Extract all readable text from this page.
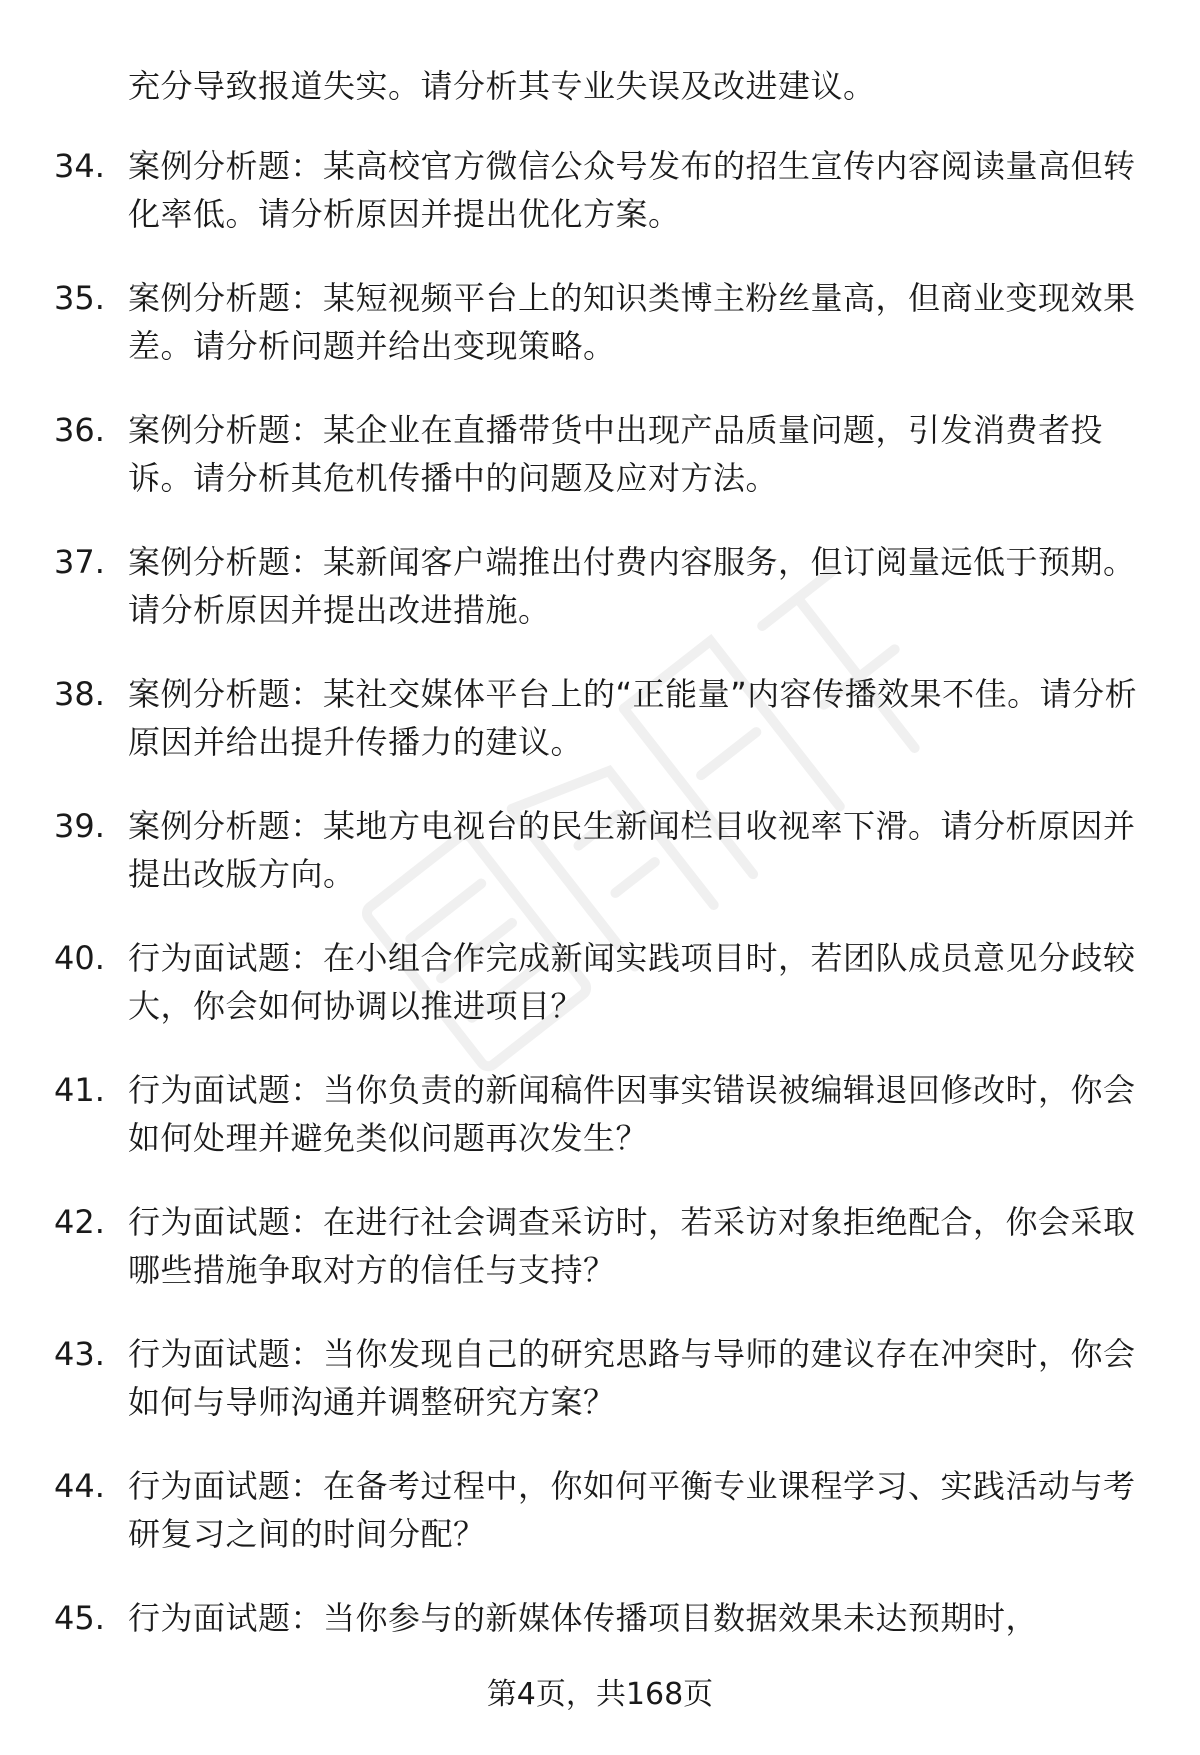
充分导致报道失实。请分析其专业失误及改进建议。
34. 案例分析题：某高校官方微信公众号发布的招生宣传内容阅读量高但转化率低。请分析原因并提出优化方案。
35. 案例分析题：某短视频平台上的知识类博主粉丝量高，但商业变现效果差。请分析问题并给出变现策略。
36. 案例分析题：某企业在直播带货中出现产品质量问题，引发消费者投诉。请分析其危机传播中的问题及应对方法。
37. 案例分析题：某新闻客户端推出付费内容服务，但订阅量远低于预期。请分析原因并提出改进措施。
38. 案例分析题：某社交媒体平台上的“正能量”内容传播效果不佳。请分析原因并给出提升传播力的建议。
39. 案例分析题：某地方电视台的民生新闻栏目收视率下滑。请分析原因并提出改版方向。
40. 行为面试题：在小组合作完成新闻实践项目时，若团队成员意见分歧较大，你会如何协调以推进项目？
41. 行为面试题：当你负责的新闻稿件因事实错误被编辑退回修改时，你会如何处理并避免类似问题再次发生？
42. 行为面试题：在进行社会调查采访时，若采访对象拒绝配合，你会采取哪些措施争取对方的信任与支持？
43. 行为面试题：当你发现自己的研究思路与导师的建议存在冲突时，你会如何与导师沟通并调整研究方案？
44. 行为面试题：在备考过程中，你如何平衡专业课程学习、实践活动与考研复习之间的时间分配？
45. 行为面试题：当你参与的新媒体传播项目数据效果未达预期时，
第4页，共168页
